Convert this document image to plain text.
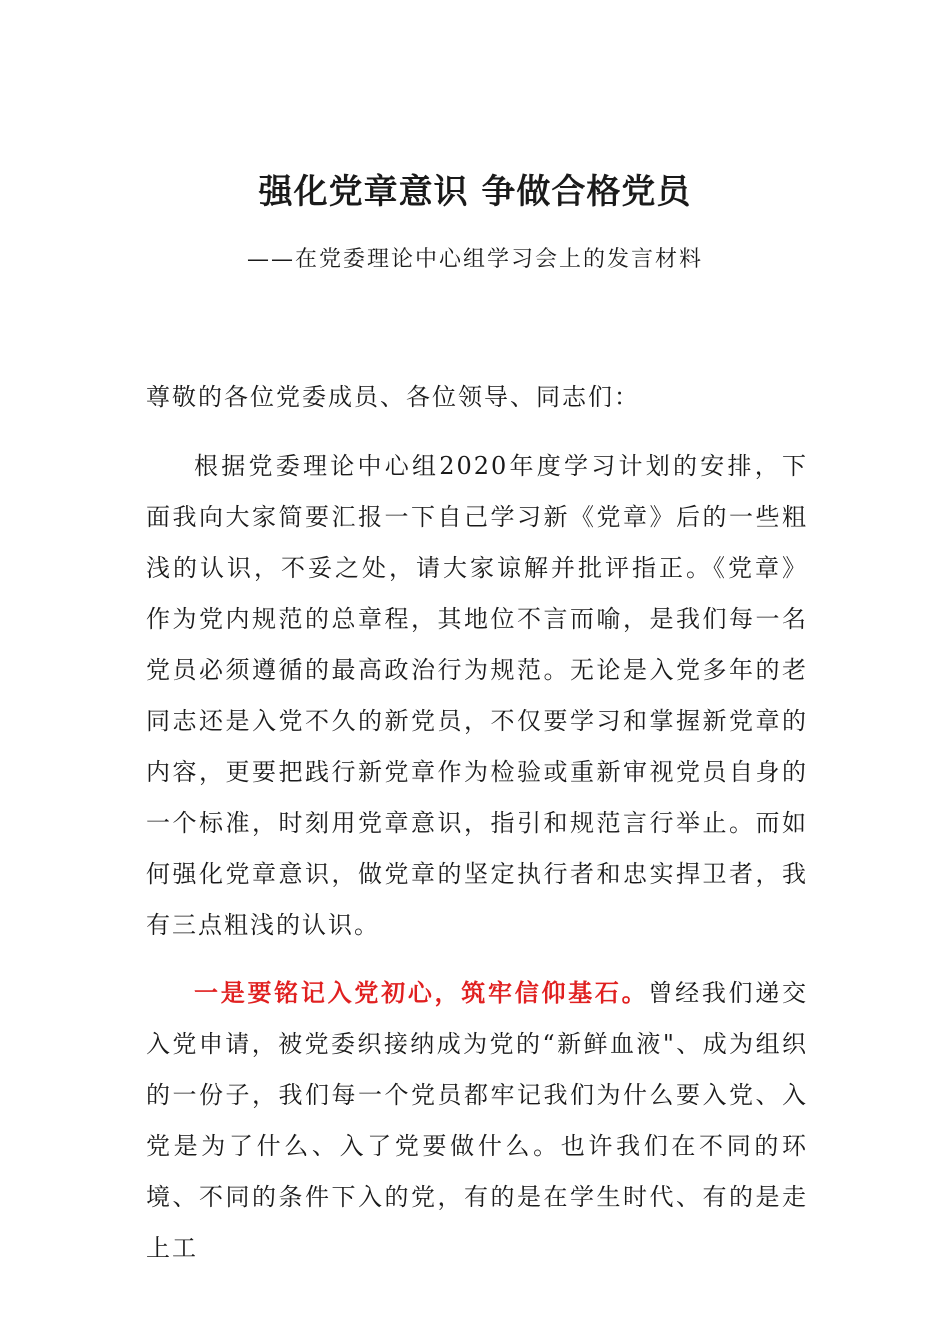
强化党章意识 争做合格党员

——在党委理论中心组学习会上的发言材料

尊敬的各位党委成员、各位领导、同志们：

根据党委理论中心组2020年度学习计划的安排，下面我向大家简要汇报一下自己学习新《党章》后的一些粗浅的认识，不妥之处，请大家谅解并批评指正。《党章》作为党内规范的总章程，其地位不言而喻，是我们每一名党员必须遵循的最高政治行为规范。无论是入党多年的老同志还是入党不久的新党员，不仅要学习和掌握新党章的内容，更要把践行新党章作为检验或重新审视党员自身的一个标准，时刻用党章意识，指引和规范言行举止。而如何强化党章意识，做党章的坚定执行者和忠实捍卫者，我有三点粗浅的认识。

一是要铭记入党初心，筑牢信仰基石。曾经我们递交入党申请，被党委织接纳成为党的“新鲜血液"、成为组织的一份子，我们每一个党员都牢记我们为什么要入党、入党是为了什么、入了党要做什么。也许我们在不同的环境、不同的条件下入的党，有的是在学生时代、有的是走上工
